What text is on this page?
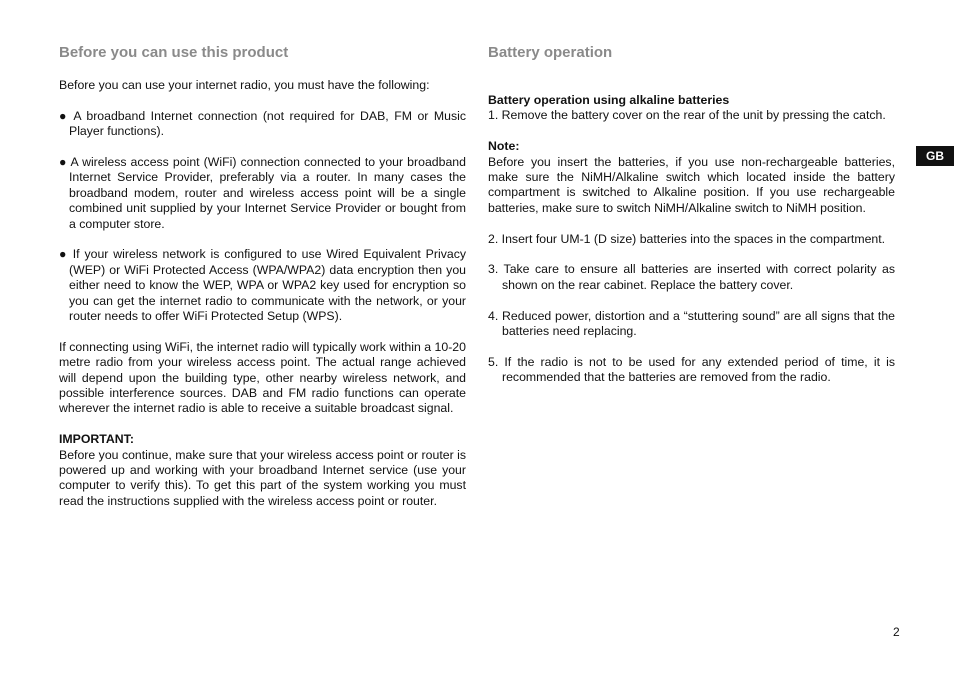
Before you can use this product

Before you can use your internet radio, you must have the following:

● A broadband Internet connection (not required for DAB, FM or Music Player functions).

● A wireless access point (WiFi) connection connected to your broadband Internet Service Provider, preferably via a router. In many cases the broadband modem, router and wireless access point will be a single combined unit supplied by your Internet Service Provider or bought from a computer store.

● If your wireless network is configured to use Wired Equivalent Privacy (WEP) or WiFi Protected Access (WPA/WPA2) data encryption then you either need to know the WEP, WPA or WPA2 key used for encryption so you can get the internet radio to communicate with the network, or your router needs to offer WiFi Protected Setup (WPS).

If connecting using WiFi, the internet radio will typically work within a 10-20 metre radio from your wireless access point. The actual range achieved will depend upon the building type, other nearby wireless network, and possible interference sources. DAB and FM radio functions can operate wherever the internet radio is able to receive a suitable broadcast signal.

IMPORTANT:

Before you continue, make sure that your wireless access point or router is powered up and working with your broadband Internet service (use your computer to verify this). To get this part of the system working you must read the instructions supplied with the wireless access point or router.

Battery operation

Battery operation using alkaline batteries

1. Remove the battery cover on the rear of the unit by pressing the catch.

Note:

Before you insert the batteries, if you use non-rechargeable batteries, make sure the NiMH/Alkaline switch which located inside the battery compartment is switched to Alkaline position. If you use rechargeable batteries, make sure to switch NiMH/Alkaline switch to NiMH position.

2. Insert four UM-1 (D size) batteries into the spaces in the compartment.

3. Take care to ensure all batteries are inserted with correct polarity as shown on the rear cabinet. Replace the battery cover.

4. Reduced power, distortion and a “stuttering sound” are all signs that the batteries need replacing.

5. If the radio is not to be used for any extended period of time, it is recommended that the batteries are removed from the radio.

GB
2
